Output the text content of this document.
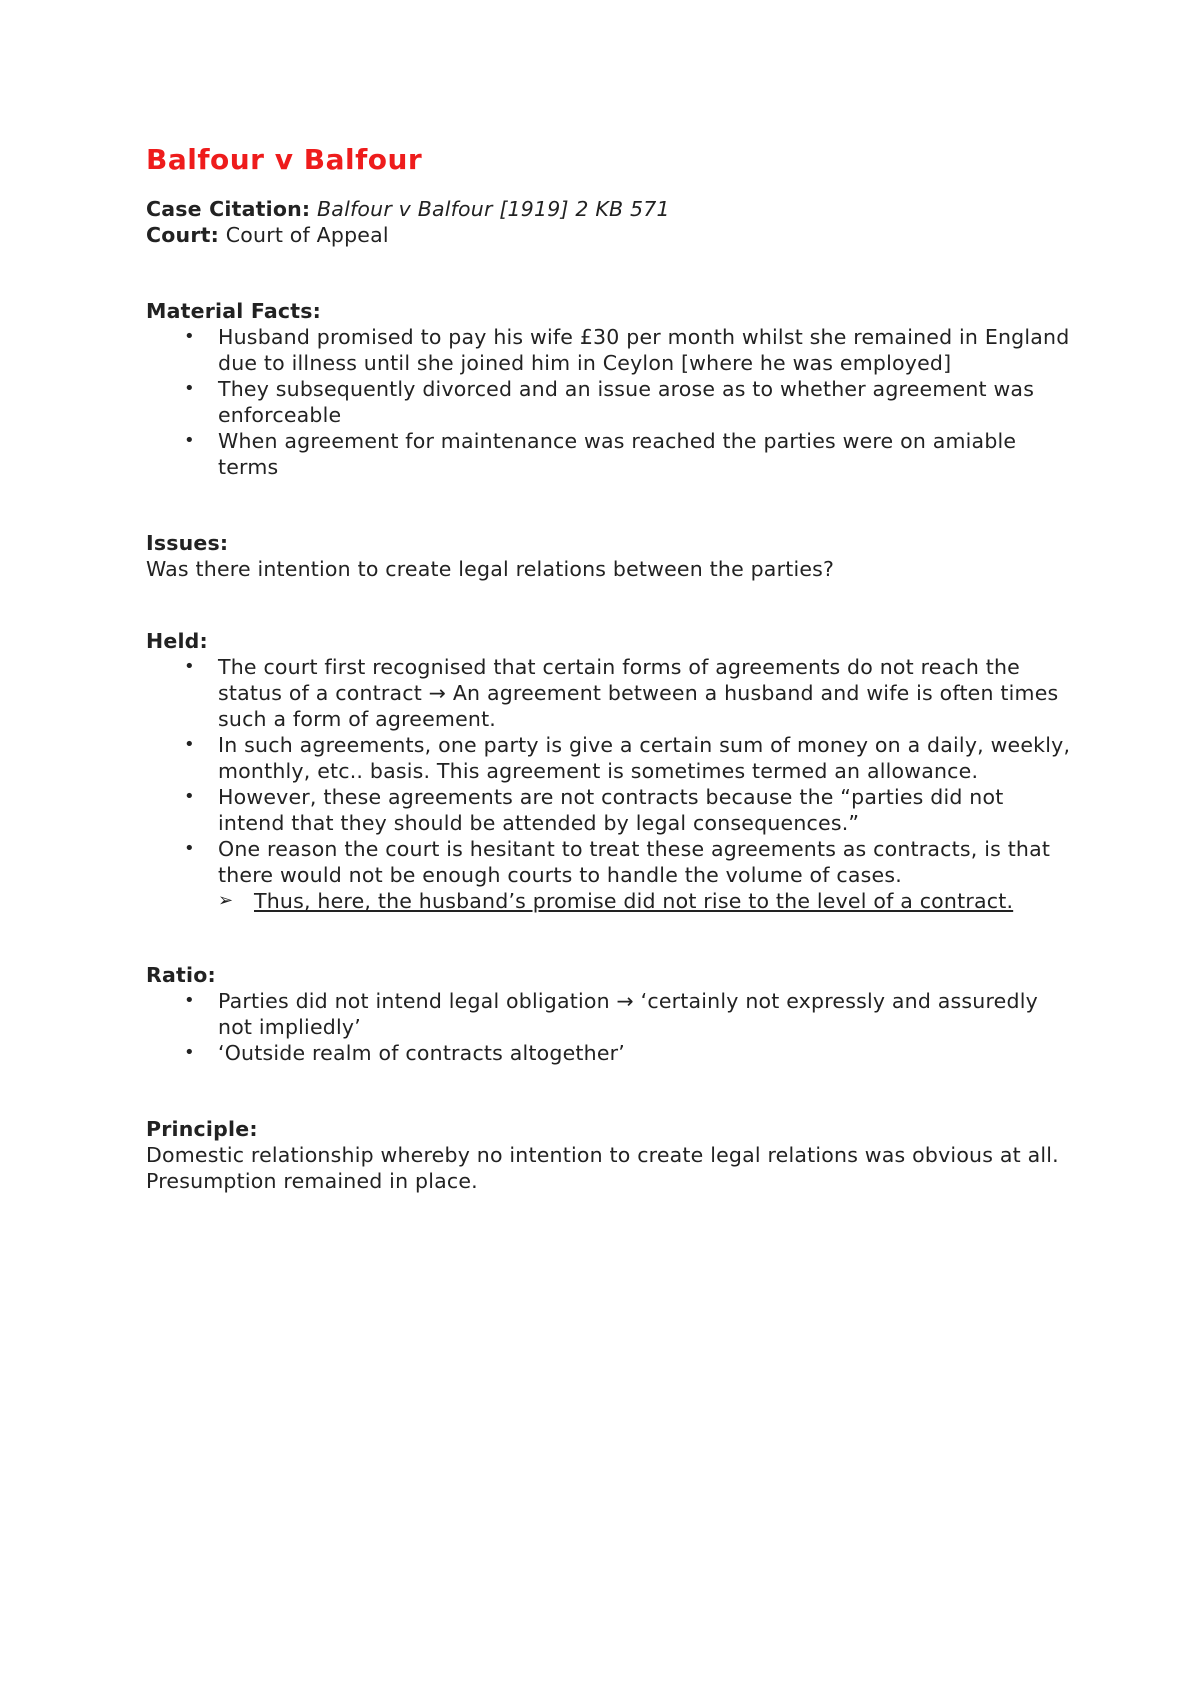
Balfour v Balfour

Case Citation: Balfour v Balfour [1919] 2 KB 571

Court: Court of Appeal

Material Facts:

• Husband promised to pay his wife £30 per month whilst she remained in England due to illness until she joined him in Ceylon [where he was employed]
• They subsequently divorced and an issue arose as to whether agreement was enforceable
• When agreement for maintenance was reached the parties were on amiable terms

Issues:

Was there intention to create legal relations between the parties?

Held:

• The court first recognised that certain forms of agreements do not reach the status of a contract → An agreement between a husband and wife is often times such a form of agreement.
• In such agreements, one party is give a certain sum of money on a daily, weekly, monthly, etc.. basis. This agreement is sometimes termed an allowance.
• However, these agreements are not contracts because the “parties did not intend that they should be attended by legal consequences.”
• One reason the court is hesitant to treat these agreements as contracts, is that there would not be enough courts to handle the volume of cases.
➢ Thus, here, the husband’s promise did not rise to the level of a contract.

Ratio:

• Parties did not intend legal obligation → ‘certainly not expressly and assuredly not impliedly’
• ‘Outside realm of contracts altogether’

Principle:

Domestic relationship whereby no intention to create legal relations was obvious at all. Presumption remained in place.
